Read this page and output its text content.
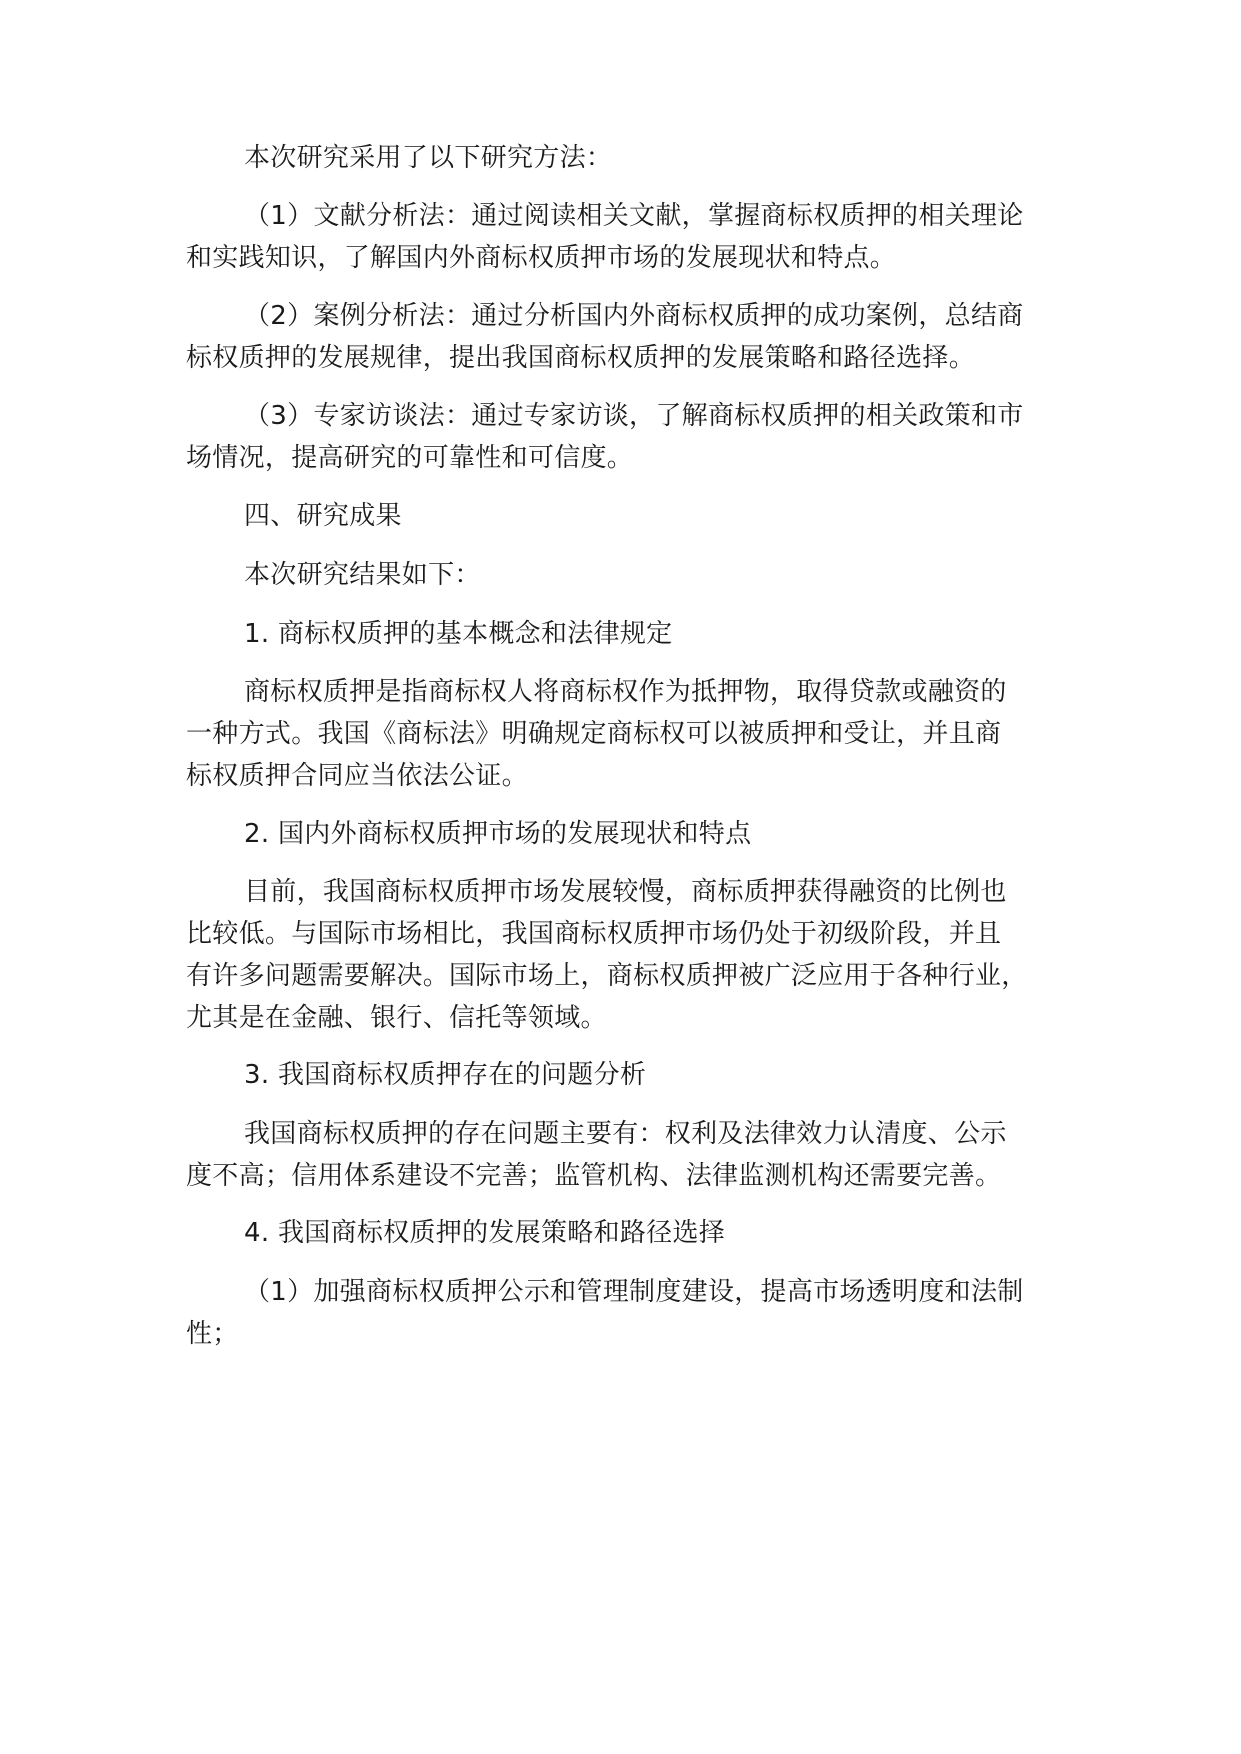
本次研究采用了以下研究方法：
（1）文献分析法：通过阅读相关文献，掌握商标权质押的相关理论
和实践知识，了解国内外商标权质押市场的发展现状和特点。
（2）案例分析法：通过分析国内外商标权质押的成功案例，总结商
标权质押的发展规律，提出我国商标权质押的发展策略和路径选择。
（3）专家访谈法：通过专家访谈，了解商标权质押的相关政策和市
场情况，提高研究的可靠性和可信度。
四、研究成果
本次研究结果如下：
1. 商标权质押的基本概念和法律规定
商标权质押是指商标权人将商标权作为抵押物，取得贷款或融资的
一种方式。我国《商标法》明确规定商标权可以被质押和受让，并且商
标权质押合同应当依法公证。
2. 国内外商标权质押市场的发展现状和特点
目前，我国商标权质押市场发展较慢，商标质押获得融资的比例也
比较低。与国际市场相比，我国商标权质押市场仍处于初级阶段，并且
有许多问题需要解决。国际市场上，商标权质押被广泛应用于各种行业，
尤其是在金融、银行、信托等领域。
3. 我国商标权质押存在的问题分析
我国商标权质押的存在问题主要有：权利及法律效力认清度、公示
度不高；信用体系建设不完善；监管机构、法律监测机构还需要完善。
4. 我国商标权质押的发展策略和路径选择
（1）加强商标权质押公示和管理制度建设，提高市场透明度和法制
性；
